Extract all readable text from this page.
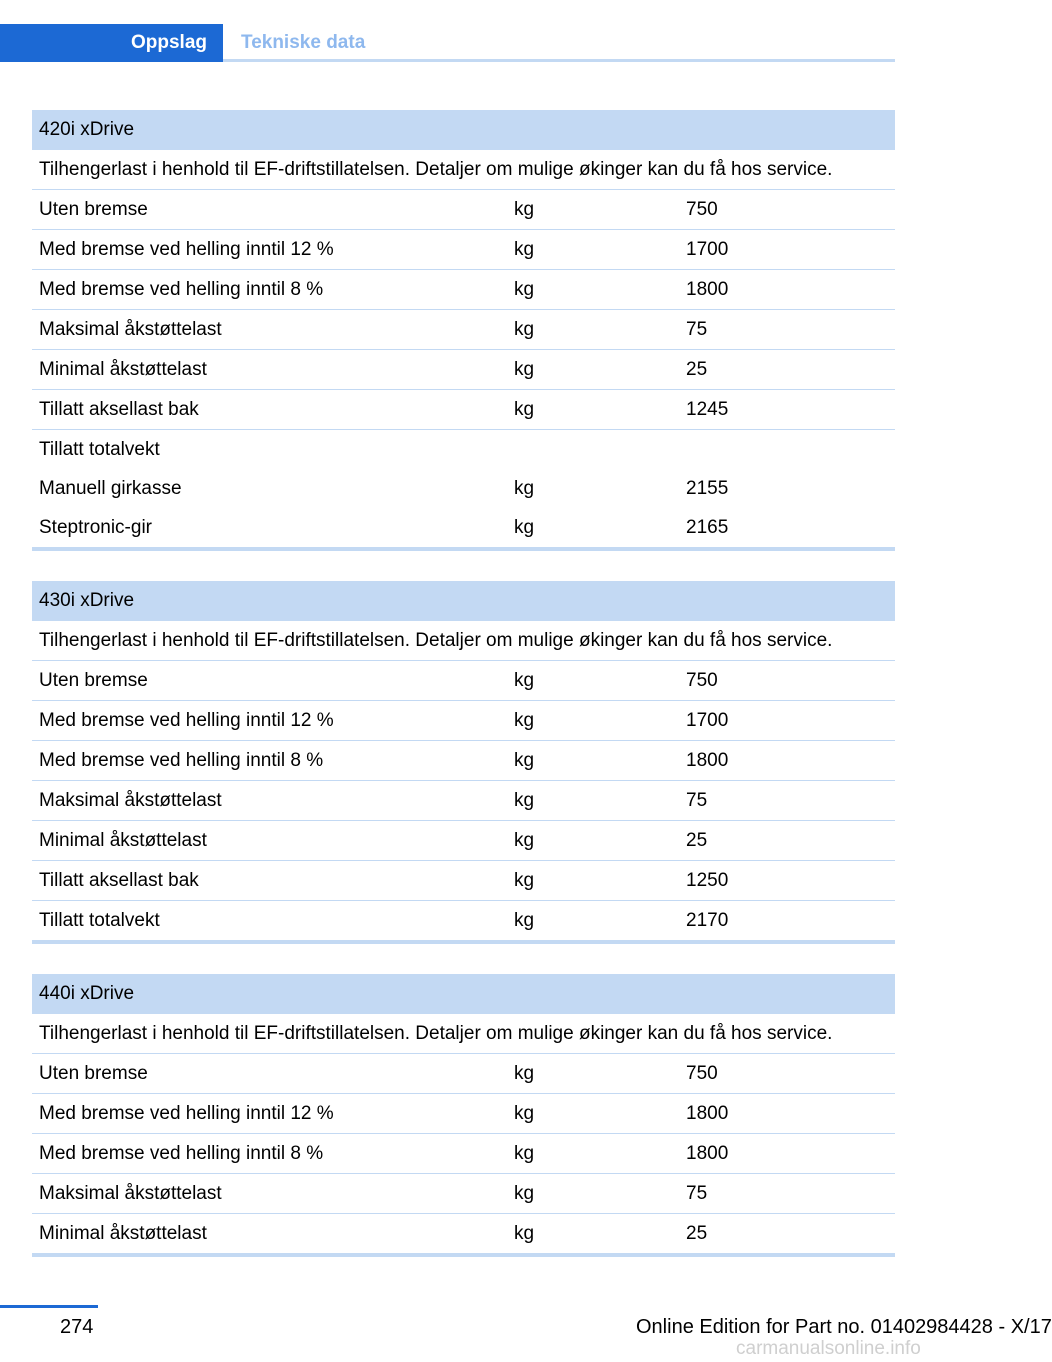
Oppslag	Tekniske data
420i xDrive
Tilhengerlast i henhold til EF-driftstillatelsen. Detaljer om mulige økinger kan du få hos service.
Uten bremse	kg	750
Med bremse ved helling inntil 12 %	kg	1700
Med bremse ved helling inntil 8 %	kg	1800
Maksimal åkstøttelast	kg	75
Minimal åkstøttelast	kg	25
Tillatt aksellast bak	kg	1245
Tillatt totalvekt
Manuell girkasse	kg	2155
Steptronic-gir	kg	2165
430i xDrive
Tilhengerlast i henhold til EF-driftstillatelsen. Detaljer om mulige økinger kan du få hos service.
Uten bremse	kg	750
Med bremse ved helling inntil 12 %	kg	1700
Med bremse ved helling inntil 8 %	kg	1800
Maksimal åkstøttelast	kg	75
Minimal åkstøttelast	kg	25
Tillatt aksellast bak	kg	1250
Tillatt totalvekt	kg	2170
440i xDrive
Tilhengerlast i henhold til EF-driftstillatelsen. Detaljer om mulige økinger kan du få hos service.
Uten bremse	kg	750
Med bremse ved helling inntil 12 %	kg	1800
Med bremse ved helling inntil 8 %	kg	1800
Maksimal åkstøttelast	kg	75
Minimal åkstøttelast	kg	25
274	Online Edition for Part no. 01402984428 - X/17
carmanualsonline.info
